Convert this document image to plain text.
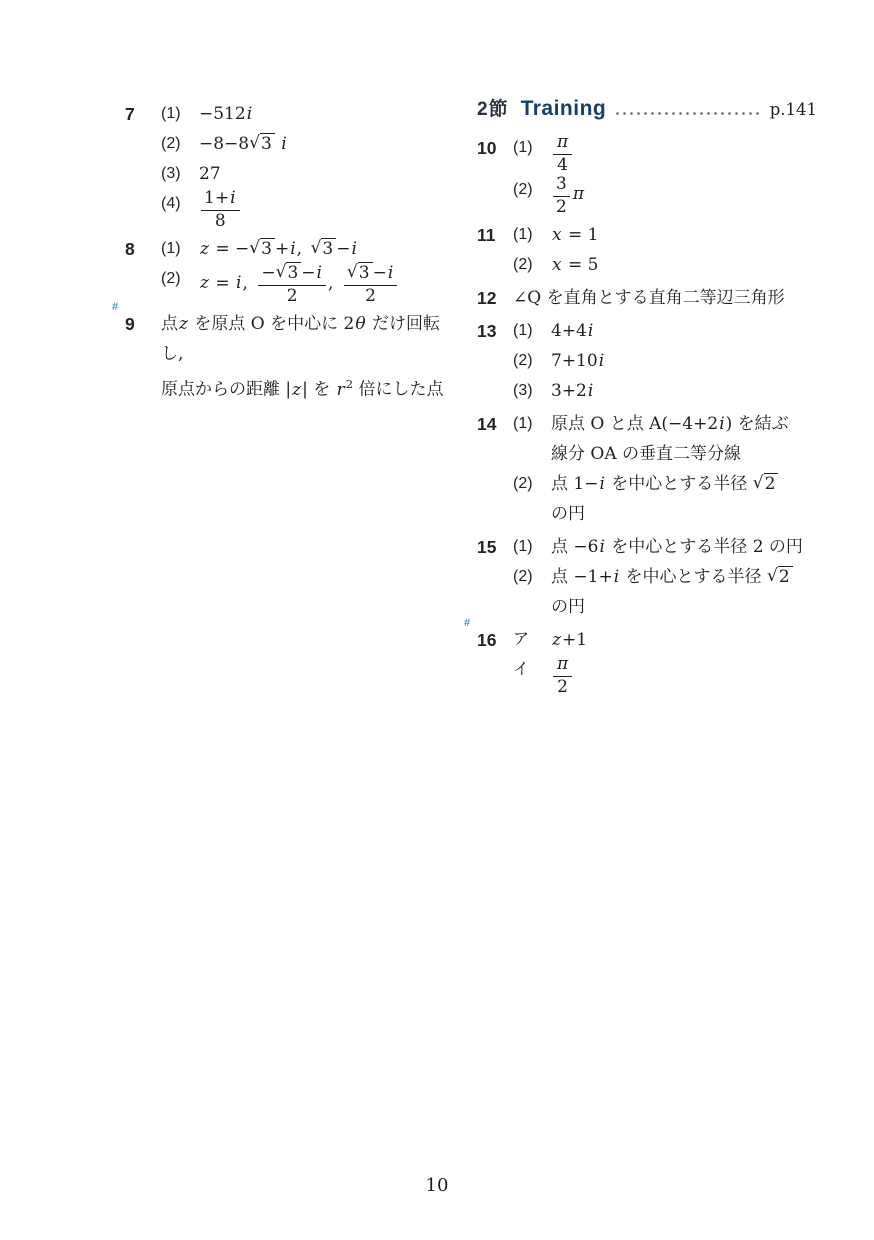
7	(1)	−512i
(2)	−8−8√3 i
(3)	27
(4)	$\frac{1+i}{8}$
8	(1)	z = −√3 +i, √3 −i
(2)	z = i,  $\frac{-√3 -i}{2}$ ,  $\frac{√3 -i}{2}$
#
9	点z を原点 O を中心に 2θ だけ回転し,
原点からの距離 |z| を $r^2$ 倍にした点
2節 Training	p.141
10	(1)	$\frac{\pi}{4}$
(2)	$\frac{3}{2}$ π
11	(1)	x = 1
(2)	x = 5
12 ∠Q を直角とする直角二等辺三角形
13	(1)	4+4i
(2)	7+10i
(3)	3+2i
14	(1)	原点 O と点 A(−4+2i) を結ぶ
線分 OA の垂直二等分線
(2)	点 1−i を中心とする半径 √2
の円
15	(1)	点 −6i を中心とする半径 2 の円
(2)	点 −1+i を中心とする半径 √2
の円
#
16	ア	z+1
イ	$\frac{\pi}{2}$
10
